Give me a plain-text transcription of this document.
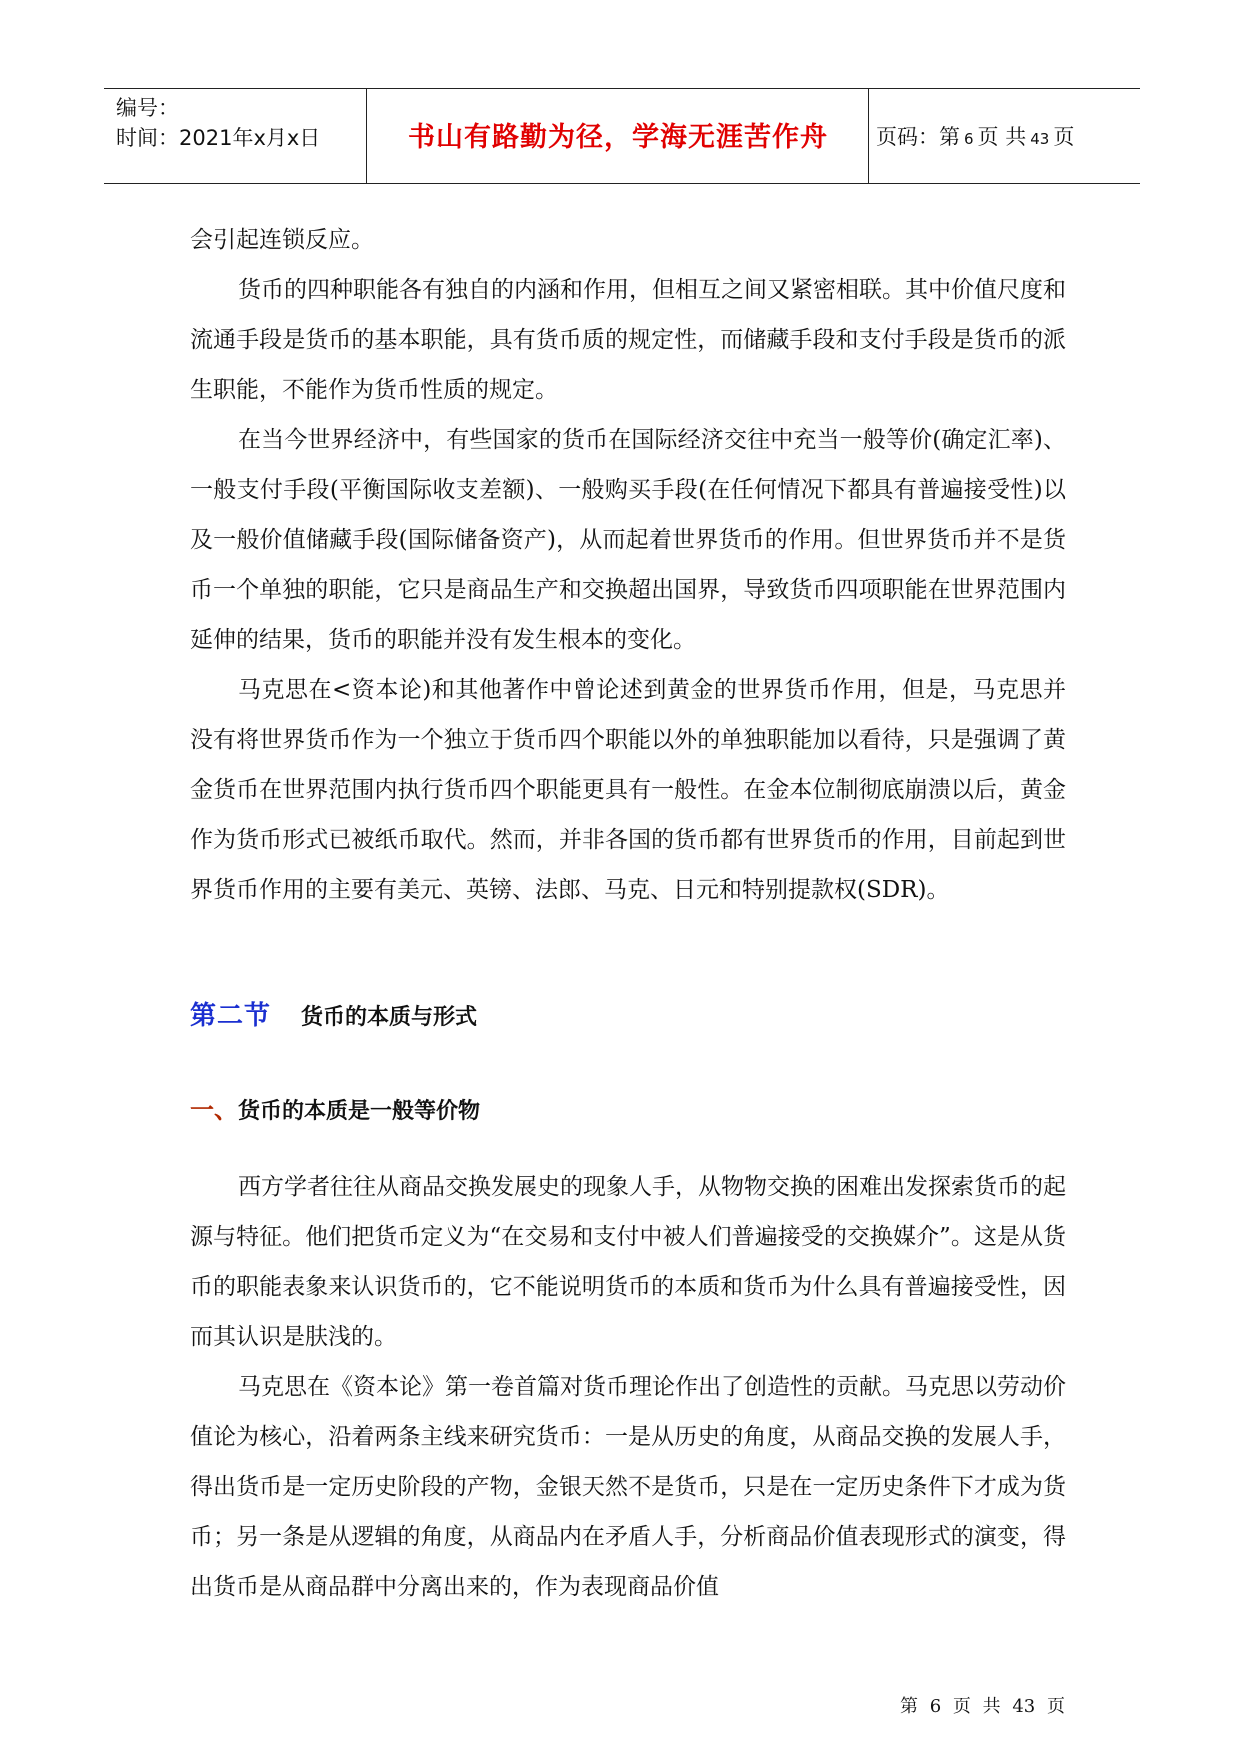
编号：
时间：2021年x月x日	书山有路勤为径，学海无涯苦作舟	页码：第 6 页 共 43 页

会引起连锁反应。

货币的四种职能各有独自的内涵和作用，但相互之间又紧密相联。其中价值尺度和流通手段是货币的基本职能，具有货币质的规定性，而储藏手段和支付手段是货币的派生职能，不能作为货币性质的规定。

在当今世界经济中，有些国家的货币在国际经济交往中充当一般等价(确定汇率)、一般支付手段(平衡国际收支差额)、一般购买手段(在任何情况下都具有普遍接受性)以及一般价值储藏手段(国际储备资产)，从而起着世界货币的作用。但世界货币并不是货币一个单独的职能，它只是商品生产和交换超出国界，导致货币四项职能在世界范围内延伸的结果，货币的职能并没有发生根本的变化。

马克思在<资本论)和其他著作中曾论述到黄金的世界货币作用，但是，马克思并没有将世界货币作为一个独立于货币四个职能以外的单独职能加以看待，只是强调了黄金货币在世界范围内执行货币四个职能更具有一般性。在金本位制彻底崩溃以后，黄金作为货币形式已被纸币取代。然而，并非各国的货币都有世界货币的作用，目前起到世界货币作用的主要有美元、英镑、法郎、马克、日元和特别提款权(SDR)。

第二节 货币的本质与形式
一、货币的本质是一般等价物

西方学者往往从商品交换发展史的现象人手，从物物交换的困难出发探索货币的起源与特征。他们把货币定义为“在交易和支付中被人们普遍接受的交换媒介”。这是从货币的职能表象来认识货币的，它不能说明货币的本质和货币为什么具有普遍接受性，因而其认识是肤浅的。

马克思在《资本论》第一卷首篇对货币理论作出了创造性的贡献。马克思以劳动价值论为核心，沿着两条主线来研究货币：一是从历史的角度，从商品交换的发展人手，得出货币是一定历史阶段的产物，金银天然不是货币，只是在一定历史条件下才成为货币；另一条是从逻辑的角度，从商品内在矛盾人手，分析商品价值表现形式的演变，得出货币是从商品群中分离出来的，作为表现商品价值

第 6 页 共 43 页
